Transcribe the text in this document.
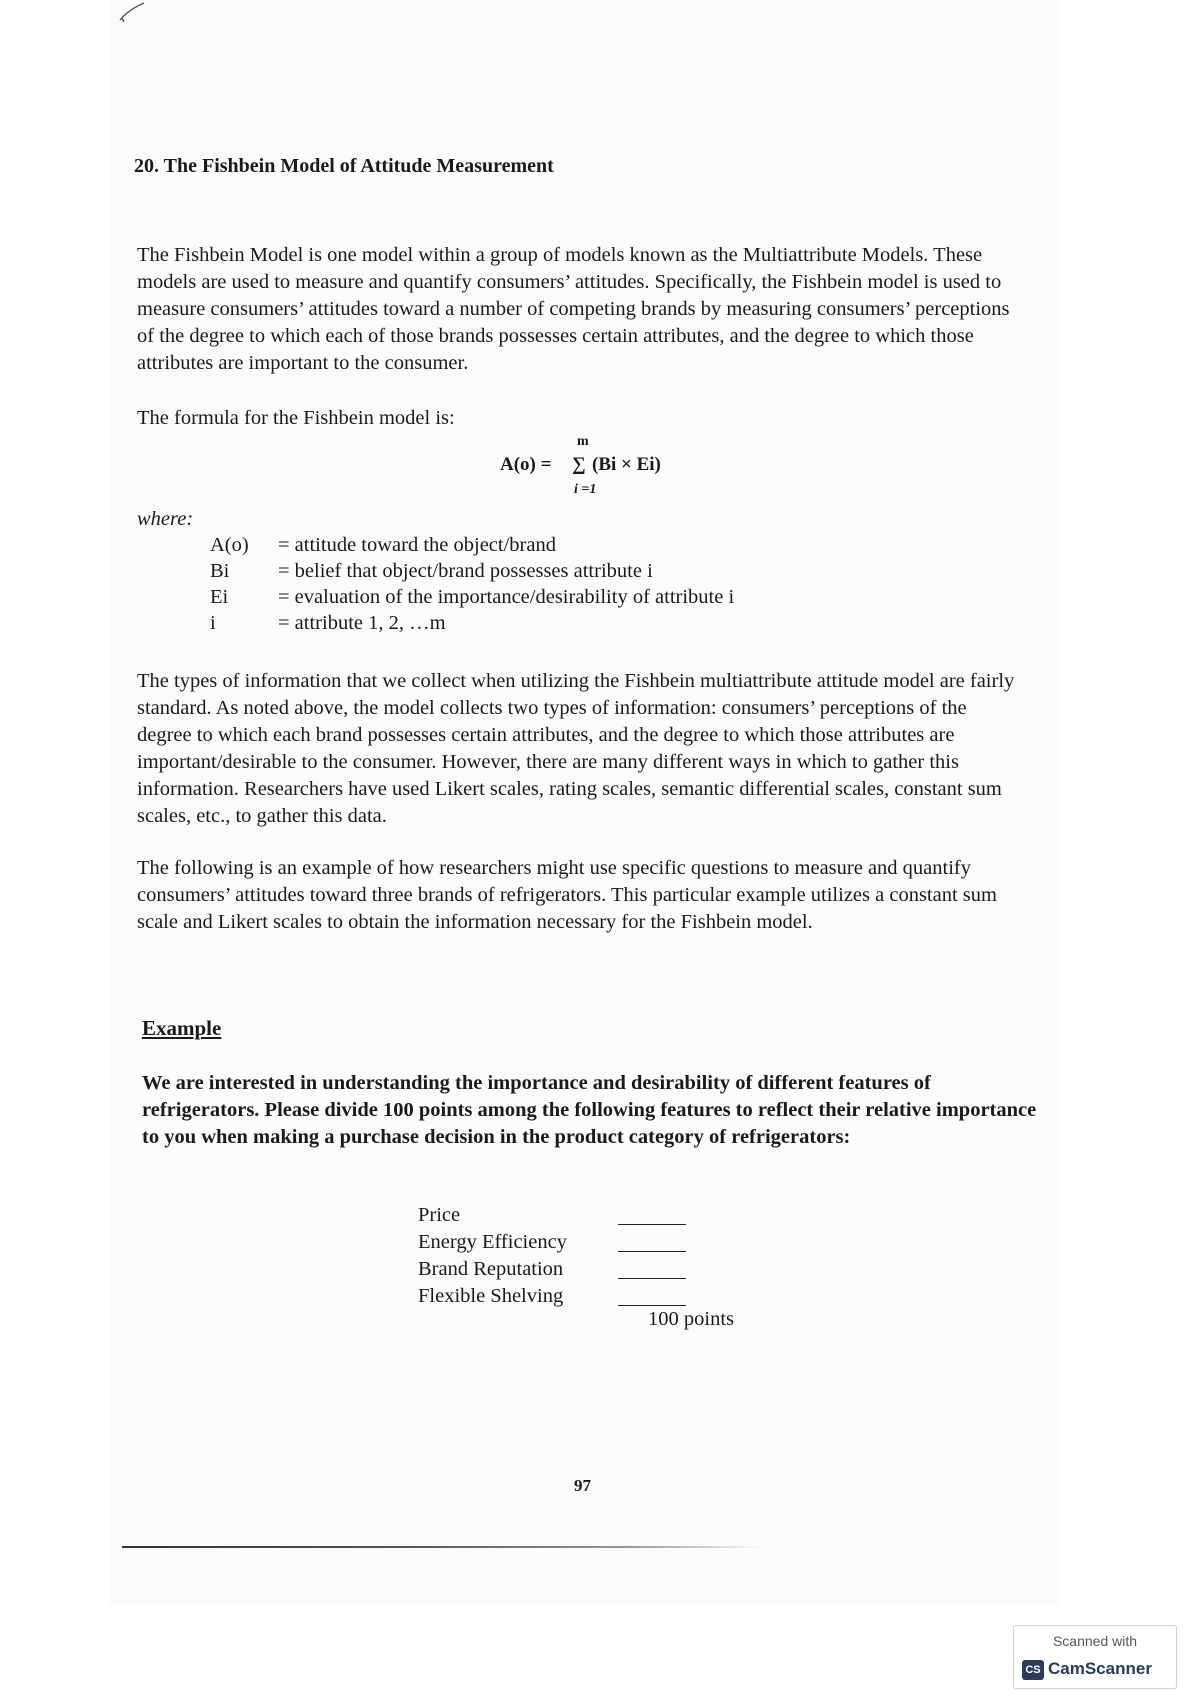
20. The Fishbein Model of Attitude Measurement
The Fishbein Model is one model within a group of models known as the Multiattribute Models. These models are used to measure and quantify consumers’ attitudes. Specifically, the Fishbein model is used to measure consumers’ attitudes toward a number of competing brands by measuring consumers’ perceptions of the degree to which each of those brands possesses certain attributes, and the degree to which those attributes are important to the consumer.
The formula for the Fishbein model is:
A(o) =
m
∑
i =1
(Bi × Ei)
where:
A(o)	= attitude toward the object/brand
Bi	= belief that object/brand possesses attribute i
Ei	= evaluation of the importance/desirability of attribute i
i	= attribute 1, 2, …m
The types of information that we collect when utilizing the Fishbein multiattribute attitude model are fairly standard. As noted above, the model collects two types of information: consumers’ perceptions of the degree to which each brand possesses certain attributes, and the degree to which those attributes are important/desirable to the consumer. However, there are many different ways in which to gather this information. Researchers have used Likert scales, rating scales, semantic differential scales, constant sum scales, etc., to gather this data.
The following is an example of how researchers might use specific questions to measure and quantify consumers’ attitudes toward three brands of refrigerators. This particular example utilizes a constant sum scale and Likert scales to obtain the information necessary for the Fishbein model.
Example
We are interested in understanding the importance and desirability of different features of refrigerators. Please divide 100 points among the following features to reflect their relative importance to you when making a purchase decision in the product category of refrigerators:
Price
Energy Efficiency
Brand Reputation
Flexible Shelving
100 points
97
Scanned with
CS CamScanner
